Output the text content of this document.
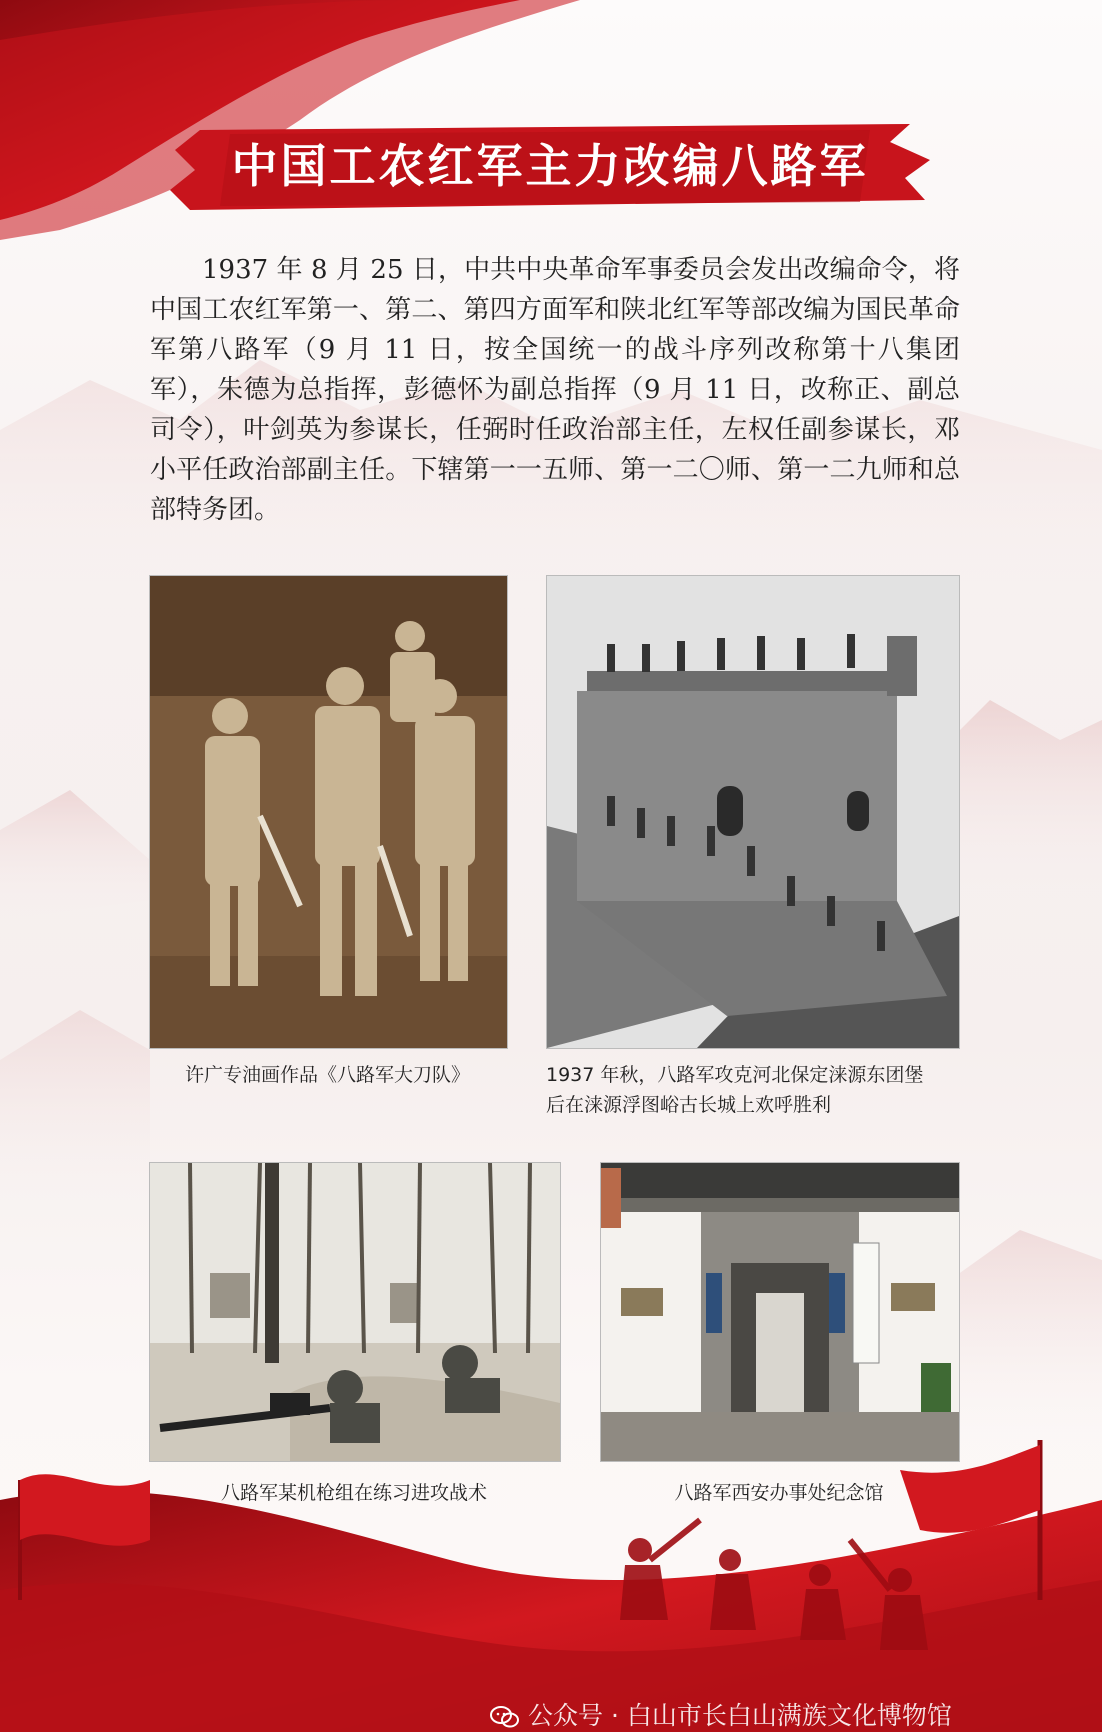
中国工农红军主力改编八路军

1937 年 8 月 25 日，中共中央革命军事委员会发出改编命令，将中国工农红军第一、第二、第四方面军和陕北红军等部改编为国民革命军第八路军（9 月 11 日，按全国统一的战斗序列改称第十八集团军），朱德为总指挥，彭德怀为副总指挥（9 月 11 日，改称正、副总司令），叶剑英为参谋长，任弼时任政治部主任，左权任副参谋长，邓小平任政治部副主任。下辖第一一五师、第一二〇师、第一二九师和总部特务团。

许广专油画作品《八路军大刀队》	1937 年秋，八路军攻克河北保定涞源东团堡
后在涞源浮图峪古长城上欢呼胜利
八路军某机枪组在练习进攻战术	八路军西安办事处纪念馆
公众号 · 白山市长白山满族文化博物馆
